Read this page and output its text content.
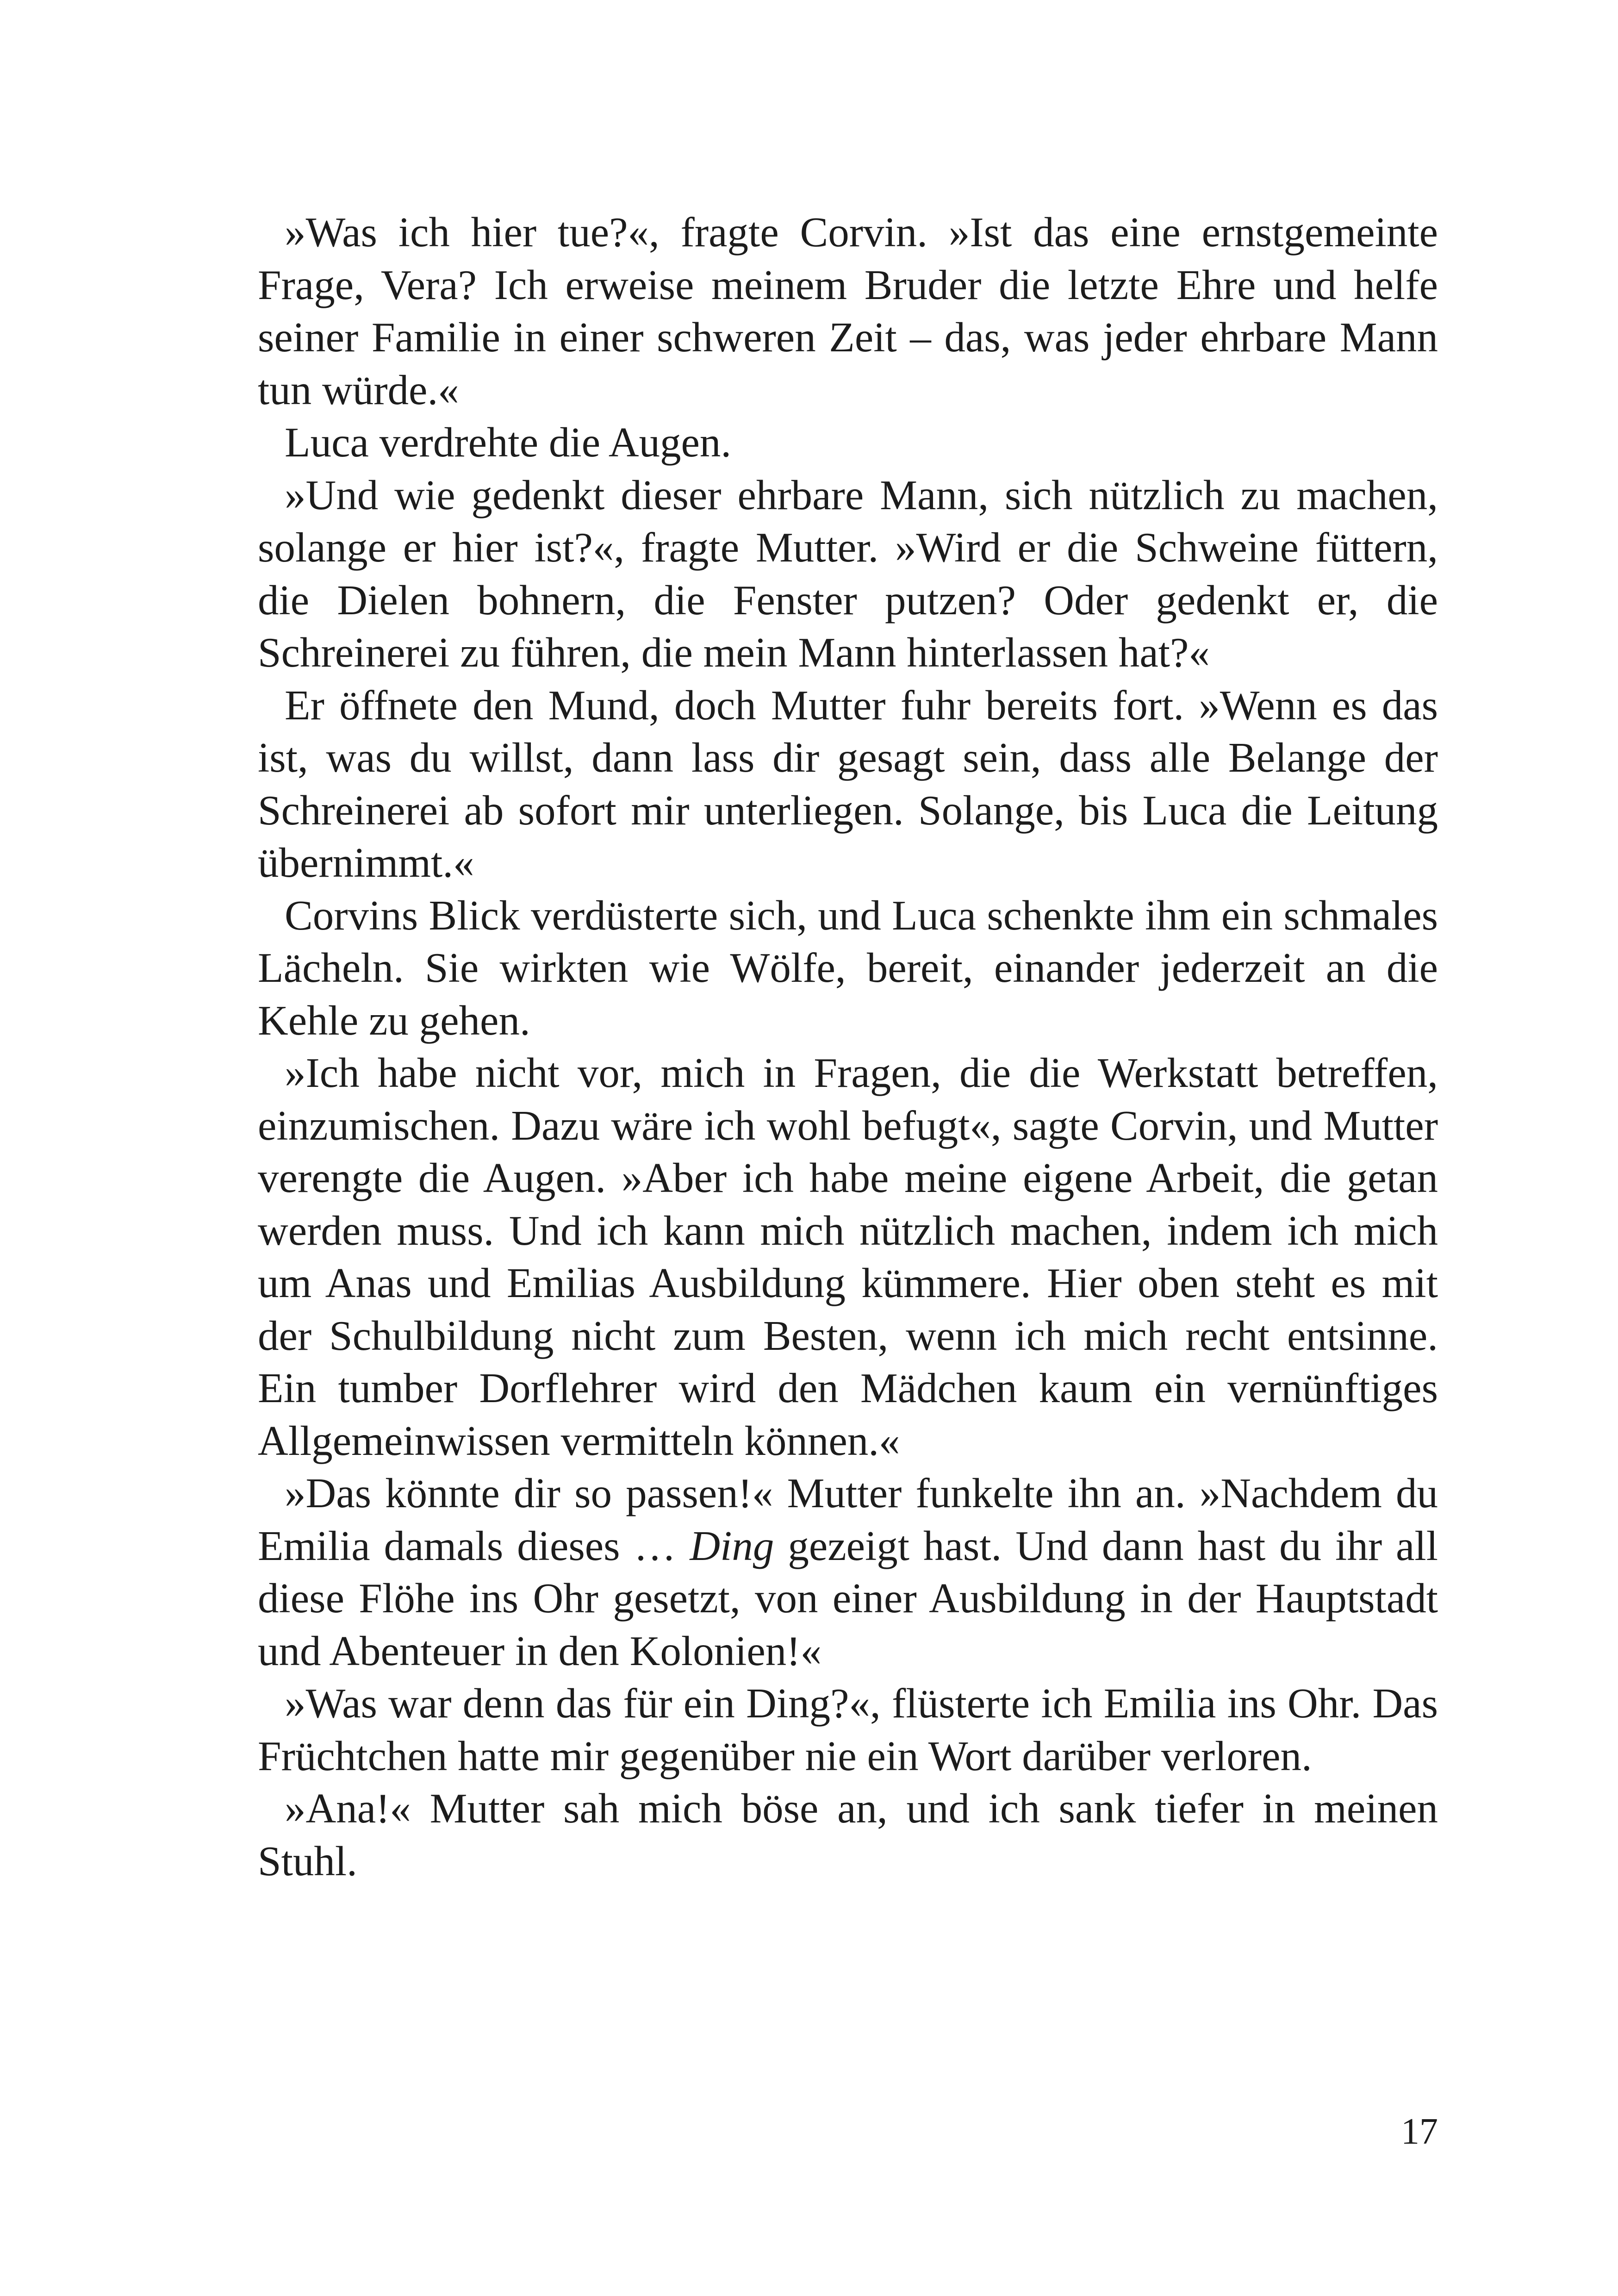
»Was ich hier tue?«, fragte Corvin. »Ist das eine ernstgemeinte Frage, Vera? Ich erweise meinem Bruder die letzte Ehre und helfe seiner Familie in einer schweren Zeit – das, was jeder ehrbare Mann tun würde.«

Luca verdrehte die Augen.

»Und wie gedenkt dieser ehrbare Mann, sich nützlich zu machen, solange er hier ist?«, fragte Mutter. »Wird er die Schweine füttern, die Dielen bohnern, die Fenster putzen? Oder gedenkt er, die Schreinerei zu führen, die mein Mann hinterlassen hat?«

Er öffnete den Mund, doch Mutter fuhr bereits fort. »Wenn es das ist, was du willst, dann lass dir gesagt sein, dass alle Belange der Schreinerei ab sofort mir unterliegen. Solange, bis Luca die Leitung übernimmt.«

Corvins Blick verdüsterte sich, und Luca schenkte ihm ein schmales Lächeln. Sie wirkten wie Wölfe, bereit, einander jederzeit an die Kehle zu gehen.

»Ich habe nicht vor, mich in Fragen, die die Werkstatt betreffen, einzumischen. Dazu wäre ich wohl befugt«, sagte Corvin, und Mutter verengte die Augen. »Aber ich habe meine eigene Arbeit, die getan werden muss. Und ich kann mich nützlich machen, indem ich mich um Anas und Emilias Ausbildung kümmere. Hier oben steht es mit der Schulbildung nicht zum Besten, wenn ich mich recht entsinne. Ein tumber Dorflehrer wird den Mädchen kaum ein vernünftiges Allgemeinwissen vermitteln können.«

»Das könnte dir so passen!« Mutter funkelte ihn an. »Nachdem du Emilia damals dieses … Ding gezeigt hast. Und dann hast du ihr all diese Flöhe ins Ohr gesetzt, von einer Ausbildung in der Hauptstadt und Abenteuer in den Kolonien!«

»Was war denn das für ein Ding?«, flüsterte ich Emilia ins Ohr. Das Früchtchen hatte mir gegenüber nie ein Wort darüber verloren.

»Ana!« Mutter sah mich böse an, und ich sank tiefer in meinen Stuhl.

17
